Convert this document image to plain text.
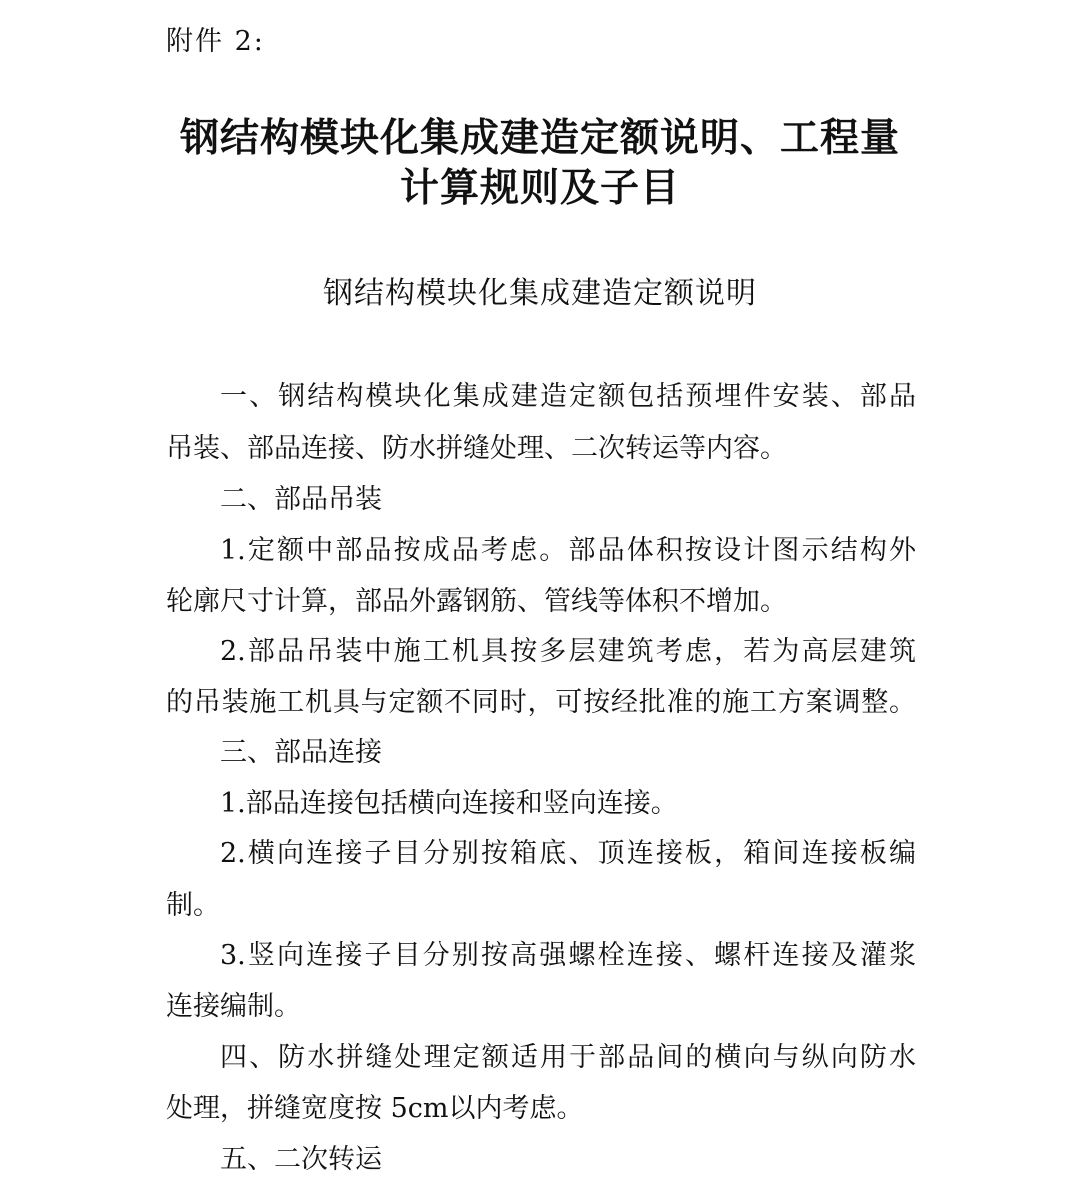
附件 2:
钢结构模块化集成建造定额说明、工程量
计算规则及子目
钢结构模块化集成建造定额说明
一、钢结构模块化集成建造定额包括预埋件安装、部品
吊装、部品连接、防水拼缝处理、二次转运等内容。
二、部品吊装
1.定额中部品按成品考虑。部品体积按设计图示结构外
轮廓尺寸计算，部品外露钢筋、管线等体积不增加。
2.部品吊装中施工机具按多层建筑考虑，若为高层建筑
的吊装施工机具与定额不同时，可按经批准的施工方案调整。
三、部品连接
1.部品连接包括横向连接和竖向连接。
2.横向连接子目分别按箱底、顶连接板，箱间连接板编
制。
3.竖向连接子目分别按高强螺栓连接、螺杆连接及灌浆
连接编制。
四、防水拼缝处理定额适用于部品间的横向与纵向防水
处理，拼缝宽度按 5cm以内考虑。
五、二次转运
